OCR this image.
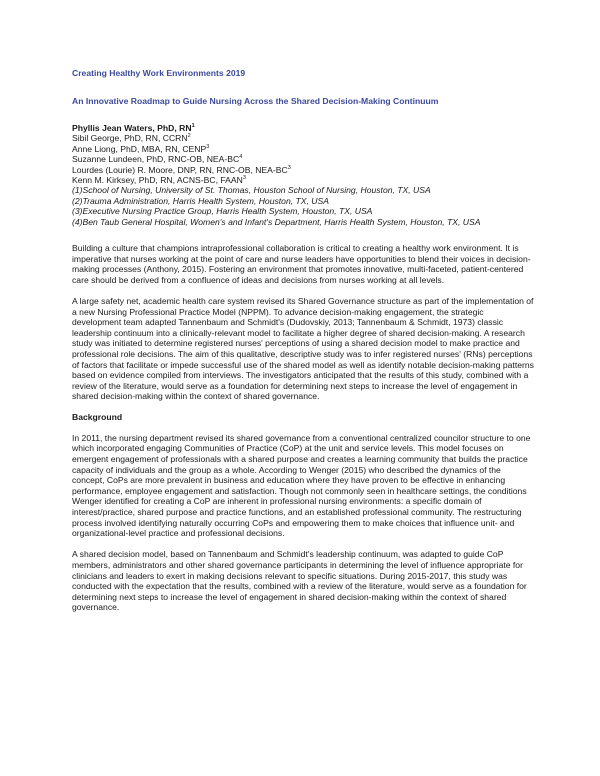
Creating Healthy Work Environments 2019

An Innovative Roadmap to Guide Nursing Across the Shared Decision-Making Continuum

Phyllis Jean Waters, PhD, $RN^1$
Sibil George, PhD, RN, CCRN$^2$
Anne Liong, PhD, MBA, RN, CENP$^3$
Suzanne Lundeen, PhD, RNC-OB, NEA-$BC^4$
Lourdes (Lourie) R. Moore, DNP, RN, RNC-OB, NEA-$BC^3$
Kenn M. Kirksey, PhD, RN, ACNS-BC, FAAN$^3$
(1)School of Nursing, University of St. Thomas, Houston School of Nursing, Houston, TX, USA
(2)Trauma Administration, Harris Health System, Houston, TX, USA
(3)Executive Nursing Practice Group, Harris Health System, Houston, TX, USA
(4)Ben Taub General Hospital, Women's and Infant's Department, Harris Health System, Houston, TX, USA

Building a culture that champions intraprofessional collaboration is critical to creating a healthy work environment. It is imperative that nurses working at the point of care and nurse leaders have opportunities to blend their voices in decision-making processes (Anthony, 2015). Fostering an environment that promotes innovative, multi-faceted, patient-centered care should be derived from a confluence of ideas and decisions from nurses working at all levels.

A large safety net, academic health care system revised its Shared Governance structure as part of the implementation of a new Nursing Professional Practice Model (NPPM). To advance decision-making engagement, the strategic development team adapted Tannenbaum and Schmidt's (Dudovskiy, 2013; Tannenbaum & Schmidt, 1973) classic leadership continuum into a clinically-relevant model to facilitate a higher degree of shared decision-making. A research study was initiated to determine registered nurses' perceptions of using a shared decision model to make practice and professional role decisions. The aim of this qualitative, descriptive study was to infer registered nurses' (RNs) perceptions of factors that facilitate or impede successful use of the shared model as well as identify notable decision-making patterns based on evidence compiled from interviews. The investigators anticipated that the results of this study, combined with a review of the literature, would serve as a foundation for determining next steps to increase the level of engagement in shared decision-making within the context of shared governance.

Background

In 2011, the nursing department revised its shared governance from a conventional centralized councilor structure to one which incorporated engaging Communities of Practice (CoP) at the unit and service levels. This model focuses on emergent engagement of professionals with a shared purpose and creates a learning community that builds the practice capacity of individuals and the group as a whole. According to Wenger (2015) who described the dynamics of the concept, CoPs are more prevalent in business and education where they have proven to be effective in enhancing performance, employee engagement and satisfaction. Though not commonly seen in healthcare settings, the conditions Wenger identified for creating a CoP are inherent in professional nursing environments: a specific domain of interest/practice, shared purpose and practice functions, and an established professional community. The restructuring process involved identifying naturally occurring CoPs and empowering them to make choices that influence unit- and organizational-level practice and professional decisions.

A shared decision model, based on Tannenbaum and Schmidt's leadership continuum, was adapted to guide CoP members, administrators and other shared governance participants in determining the level of influence appropriate for clinicians and leaders to exert in making decisions relevant to specific situations. During 2015-2017, this study was conducted with the expectation that the results, combined with a review of the literature, would serve as a foundation for determining next steps to increase the level of engagement in shared decision-making within the context of shared governance.
